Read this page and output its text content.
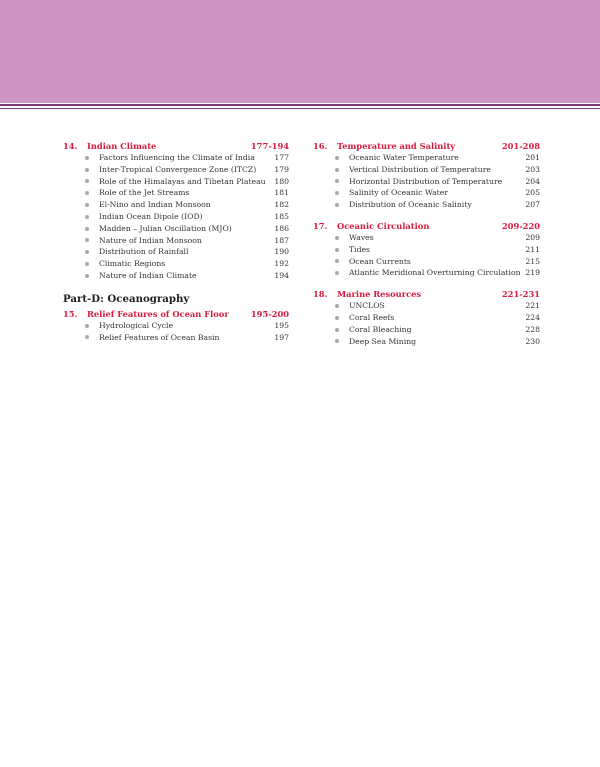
14.	Indian Climate	177-194
Factors Influencing the Climate of India	177
Inter-Tropical Convergence Zone (ITCZ)	179
Role of the Himalayas and Tibetan Plateau	180
Role of the Jet Streams	181
El-Nino and Indian Monsoon	182
Indian Ocean Dipole (IOD)	185
Madden – Julian Oscillation (MJO)	186
Nature of Indian Monsoon	187
Distribution of Rainfall	190
Climatic Regions	192
Nature of Indian Climate	194
Part-D: Oceanography
15.	Relief Features of Ocean Floor	195-200
Hydrological Cycle	195
Relief Features of Ocean Basin	197
16.	Temperature and Salinity	201-208
Oceanic Water Temperature	201
Vertical Distribution of Temperature	203
Horizontal Distribution of Temperature	204
Salinity of Oceanic Water	205
Distribution of Oceanic Salinity	207
17.	Oceanic Circulation	209-220
Waves	209
Tides	211
Ocean Currents	215
Atlantic Meridional Overturning Circulation 219
18.	Marine Resources	221-231
UNCLOS	221
Coral Reefs	224
Coral Bleaching	228
Deep Sea Mining	230
